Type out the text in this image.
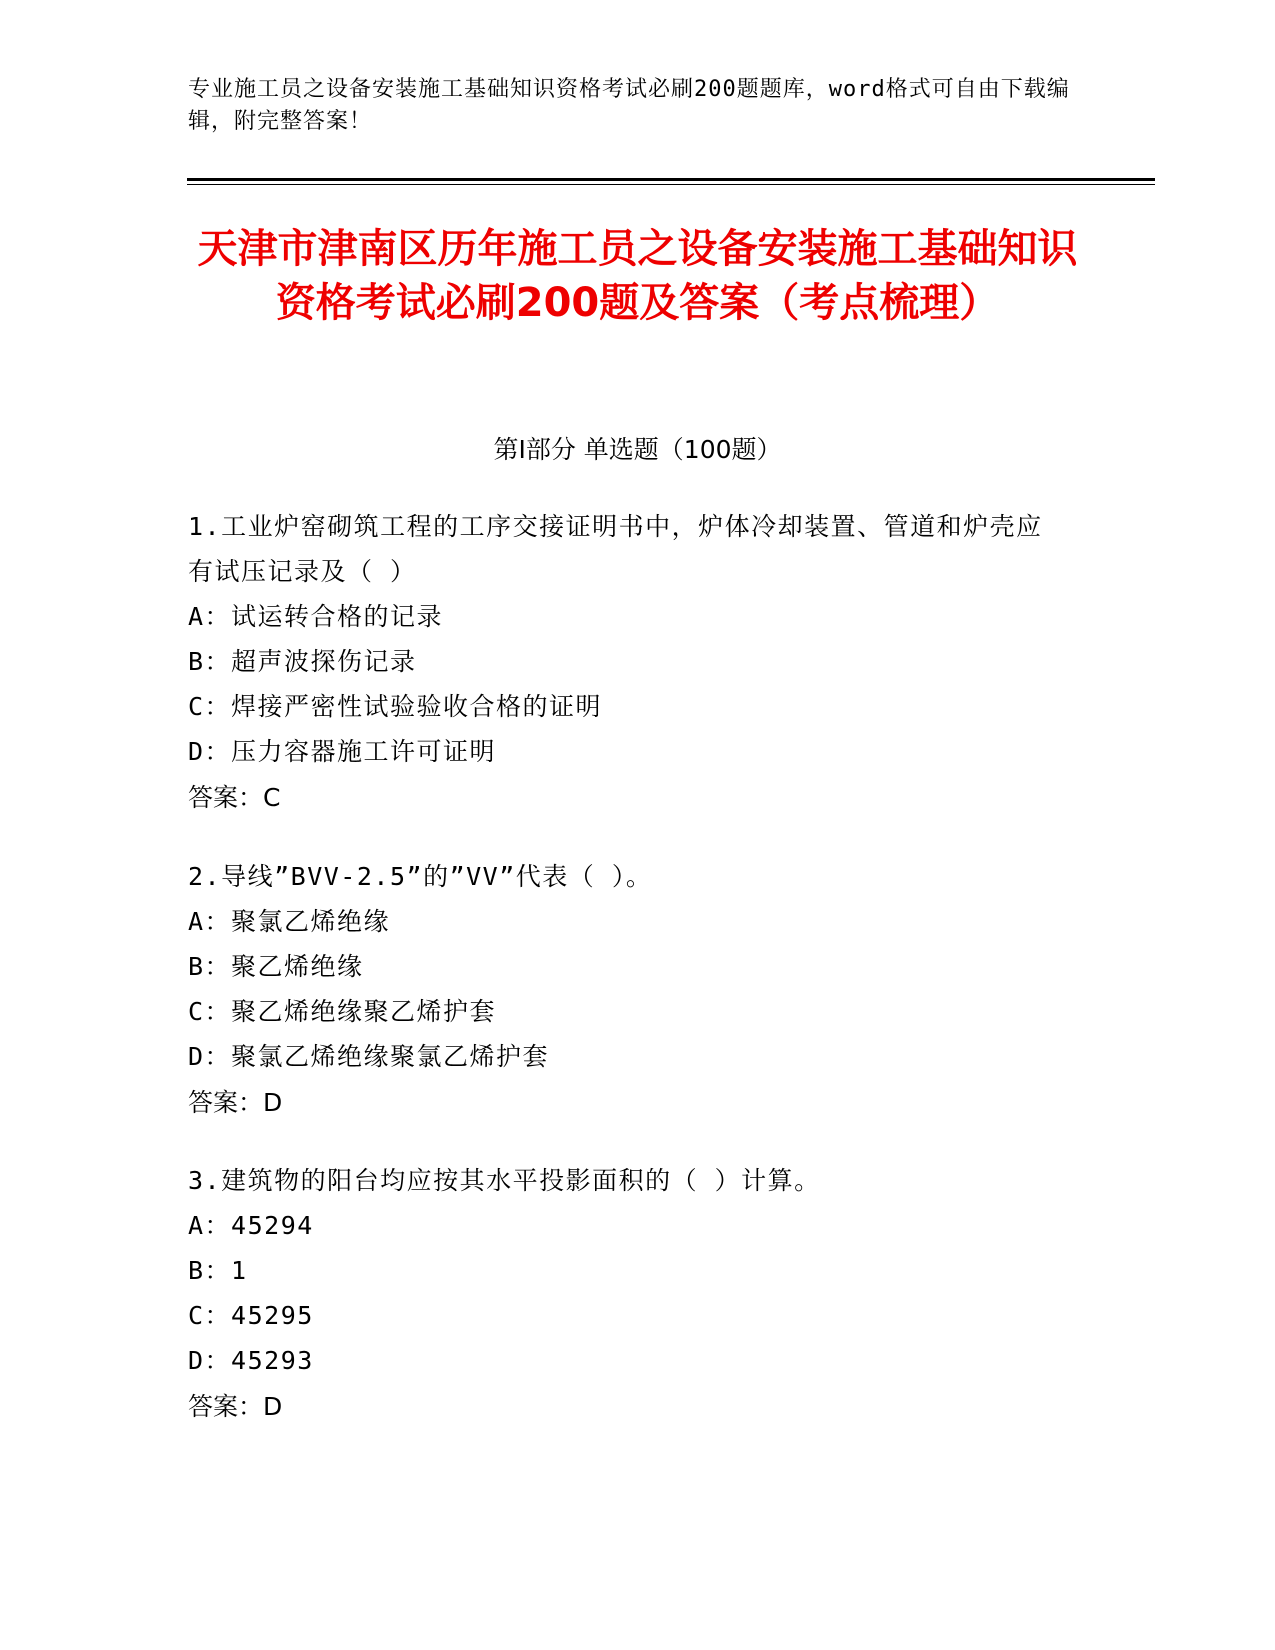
专业施工员之设备安装施工基础知识资格考试必刷200题题库，word格式可自由下载编辑，附完整答案！
天津市津南区历年施工员之设备安装施工基础知识资格考试必刷200题及答案（考点梳理）
第Ⅰ部分 单选题（100题）
1.工业炉窑砌筑工程的工序交接证明书中，炉体冷却装置、管道和炉壳应有试压记录及（ ）
A：试运转合格的记录
B：超声波探伤记录
C：焊接严密性试验验收合格的证明
D：压力容器施工许可证明
答案：C
2.导线”BVV-2.5”的”VV”代表（ ）。
A：聚氯乙烯绝缘
B：聚乙烯绝缘
C：聚乙烯绝缘聚乙烯护套
D：聚氯乙烯绝缘聚氯乙烯护套
答案：D
3.建筑物的阳台均应按其水平投影面积的（ ）计算。
A：45294
B：1
C：45295
D：45293
答案：D
